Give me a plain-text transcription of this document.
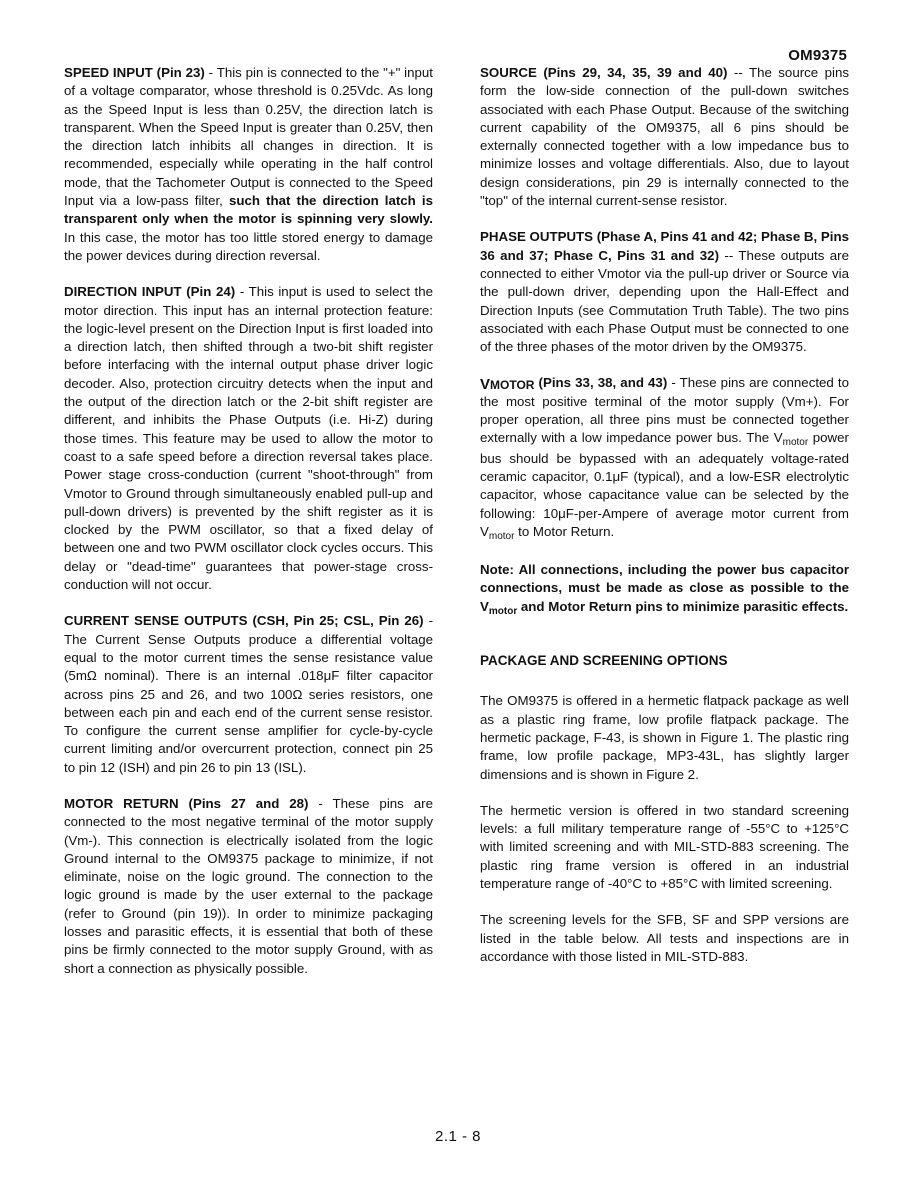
OM9375

SPEED INPUT (Pin 23) - This pin is connected to the "+" input of a voltage comparator, whose threshold is 0.25Vdc. As long as the Speed Input is less than 0.25V, the direction latch is transparent. When the Speed Input is greater than 0.25V, then the direction latch inhibits all changes in direction. It is recommended, especially while operating in the half control mode, that the Tachometer Output is connected to the Speed Input via a low-pass filter, such that the direction latch is transparent only when the motor is spinning very slowly. In this case, the motor has too little stored energy to damage the power devices during direction reversal.

DIRECTION INPUT (Pin 24) - This input is used to select the motor direction. This input has an internal protection feature: the logic-level present on the Direction Input is first loaded into a direction latch, then shifted through a two-bit shift register before interfacing with the internal output phase driver logic decoder. Also, protection circuitry detects when the input and the output of the direction latch or the 2-bit shift register are different, and inhibits the Phase Outputs (i.e. Hi-Z) during those times. This feature may be used to allow the motor to coast to a safe speed before a direction reversal takes place. Power stage cross-conduction (current "shoot-through" from Vmotor to Ground through simultaneously enabled pull-up and pull-down drivers) is prevented by the shift register as it is clocked by the PWM oscillator, so that a fixed delay of between one and two PWM oscillator clock cycles occurs. This delay or "dead-time" guarantees that power-stage cross-conduction will not occur.

CURRENT SENSE OUTPUTS (CSH, Pin 25; CSL, Pin 26) - The Current Sense Outputs produce a differential voltage equal to the motor current times the sense resistance value (5mΩ nominal). There is an internal .018μF filter capacitor across pins 25 and 26, and two 100Ω series resistors, one between each pin and each end of the current sense resistor. To configure the current sense amplifier for cycle-by-cycle current limiting and/or overcurrent protection, connect pin 25 to pin 12 (ISH) and pin 26 to pin 13 (ISL).

MOTOR RETURN (Pins 27 and 28) - These pins are connected to the most negative terminal of the motor supply (Vm-). This connection is electrically isolated from the logic Ground internal to the OM9375 package to minimize, if not eliminate, noise on the logic ground. The connection to the logic ground is made by the user external to the package (refer to Ground (pin 19)). In order to minimize packaging losses and parasitic effects, it is essential that both of these pins be firmly connected to the motor supply Ground, with as short a connection as physically possible.

SOURCE (Pins 29, 34, 35, 39 and 40) -- The source pins form the low-side connection of the pull-down switches associated with each Phase Output. Because of the switching current capability of the OM9375, all 6 pins should be externally connected together with a low impedance bus to minimize losses and voltage differentials. Also, due to layout design considerations, pin 29 is internally connected to the "top" of the internal current-sense resistor.

PHASE OUTPUTS (Phase A, Pins 41 and 42; Phase B, Pins 36 and 37; Phase C, Pins 31 and 32) -- These outputs are connected to either Vmotor via the pull-up driver or Source via the pull-down driver, depending upon the Hall-Effect and Direction Inputs (see Commutation Truth Table). The two pins associated with each Phase Output must be connected to one of the three phases of the motor driven by the OM9375.

VMOTOR (Pins 33, 38, and 43) - These pins are connected to the most positive terminal of the motor supply (Vm+). For proper operation, all three pins must be connected together externally with a low impedance power bus. The $V_{motor}$ power bus should be bypassed with an adequately voltage-rated ceramic capacitor, 0.1μF (typical), and a low-ESR electrolytic capacitor, whose capacitance value can be selected by the following: 10μF-per-Ampere of average motor current from $V_{motor}$ to Motor Return.

Note: All connections, including the power bus capacitor connections, must be made as close as possible to the $V_{motor}$ and Motor Return pins to minimize parasitic effects.

PACKAGE AND SCREENING OPTIONS

The OM9375 is offered in a hermetic flatpack package as well as a plastic ring frame, low profile flatpack package. The hermetic package, F-43, is shown in Figure 1. The plastic ring frame, low profile package, MP3-43L, has slightly larger dimensions and is shown in Figure 2.

The hermetic version is offered in two standard screening levels: a full military temperature range of -55°C to +125°C with limited screening and with MIL-STD-883 screening. The plastic ring frame version is offered in an industrial temperature range of -40°C to +85°C with limited screening.

The screening levels for the SFB, SF and SPP versions are listed in the table below. All tests and inspections are in accordance with those listed in MIL-STD-883.

2.1 - 8
